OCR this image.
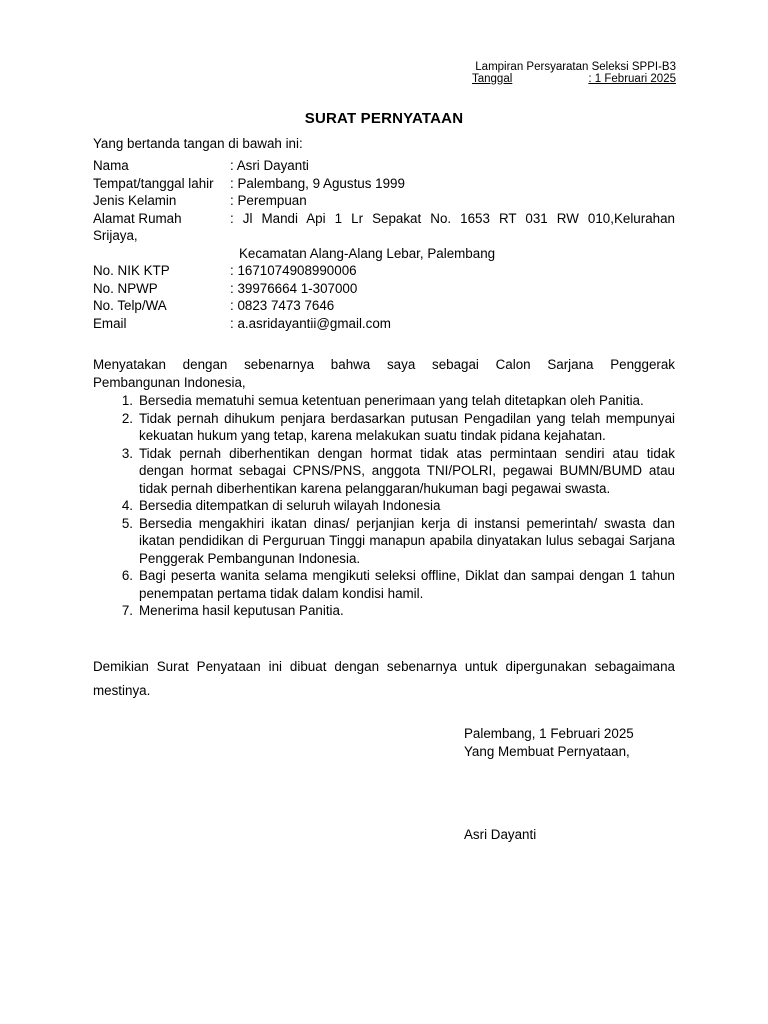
Lampiran Persyaratan Seleksi SPPI-B3
Tanggal	: 1 Februari 2025
SURAT PERNYATAAN
Yang bertanda tangan di bawah ini:
Nama	: Asri Dayanti
Tempat/tanggal lahir	: Palembang, 9 Agustus 1999
Jenis Kelamin	: Perempuan
Alamat Rumah	: Jl Mandi Api 1 Lr Sepakat No. 1653 RT 031 RW 010,Kelurahan
Srijaya,
Kecamatan Alang-Alang Lebar, Palembang
No. NIK KTP	: 1671074908990006
No. NPWP	: 39976664 1-307000
No. Telp/WA	: 0823 7473 7646
Email	: a.asridayantii@gmail.com
Menyatakan dengan sebenarnya bahwa saya sebagai Calon Sarjana Penggerak
Pembangunan Indonesia,
1. Bersedia mematuhi semua ketentuan penerimaan yang telah ditetapkan oleh Panitia.
2. Tidak pernah dihukum penjara berdasarkan putusan Pengadilan yang telah mempunyai kekuatan hukum yang tetap, karena melakukan suatu tindak pidana kejahatan.
3. Tidak pernah diberhentikan dengan hormat tidak atas permintaan sendiri atau tidak dengan hormat sebagai CPNS/PNS, anggota TNI/POLRI, pegawai BUMN/BUMD atau tidak pernah diberhentikan karena pelanggaran/hukuman bagi pegawai swasta.
4. Bersedia ditempatkan di seluruh wilayah Indonesia
5. Bersedia mengakhiri ikatan dinas/ perjanjian kerja di instansi pemerintah/ swasta dan ikatan pendidikan di Perguruan Tinggi manapun apabila dinyatakan lulus sebagai Sarjana Penggerak Pembangunan Indonesia.
6. Bagi peserta wanita selama mengikuti seleksi offline, Diklat dan sampai dengan 1 tahun penempatan pertama tidak dalam kondisi hamil.
7. Menerima hasil keputusan Panitia.
Demikian Surat Penyataan ini dibuat dengan sebenarnya untuk dipergunakan sebagaimana
mestinya.
Palembang, 1 Februari 2025
Yang Membuat Pernyataan,
Asri Dayanti
